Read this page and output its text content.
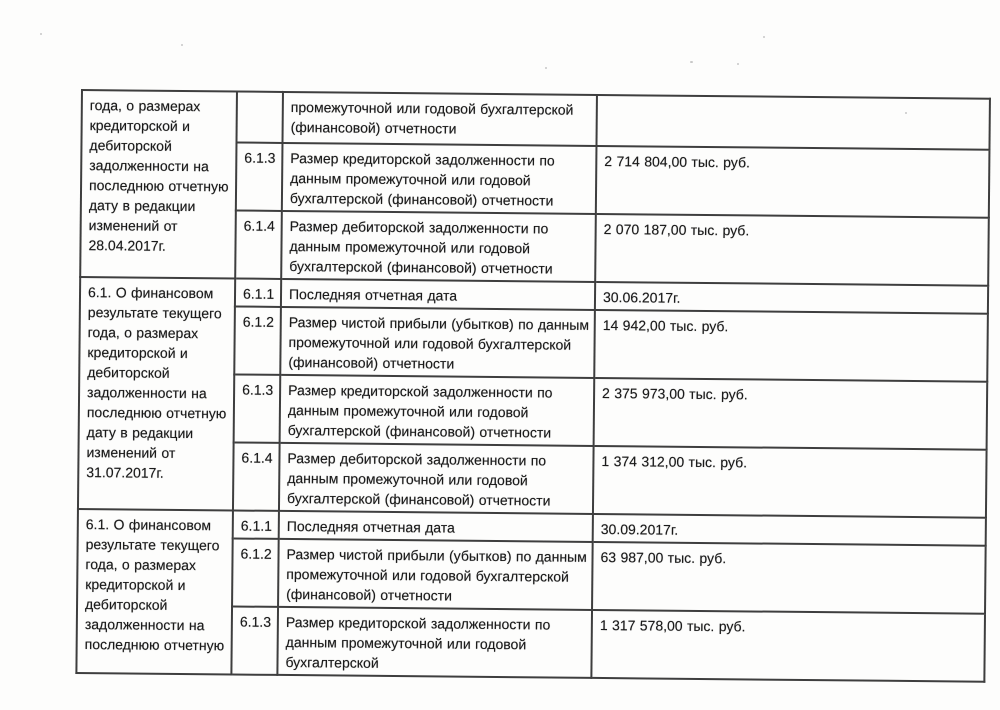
года, о размерах кредиторской и дебиторской задолженности на последнюю отчетную дату в редакции изменений от 28.04.2017г.		промежуточной или годовой бухгалтерской (финансовой) отчетности	
	6.1.3	Размер кредиторской задолженности по данным промежуточной или годовой бухгалтерской (финансовой) отчетности	2 714 804,00 тыс. руб.
	6.1.4	Размер дебиторской задолженности по данным промежуточной или годовой бухгалтерской (финансовой) отчетности	2 070 187,00 тыс. руб.
6.1. О финансовом результате текущего года, о размерах кредиторской и дебиторской задолженности на последнюю отчетную дату в редакции изменений от 31.07.2017г.	6.1.1	Последняя отчетная дата	30.06.2017г.
	6.1.2	Размер чистой прибыли (убытков) по данным промежуточной или годовой бухгалтерской (финансовой) отчетности	14 942,00 тыс. руб.
	6.1.3	Размер кредиторской задолженности по данным промежуточной или годовой бухгалтерской (финансовой) отчетности	2 375 973,00 тыс. руб.
	6.1.4	Размер дебиторской задолженности по данным промежуточной или годовой бухгалтерской (финансовой) отчетности	1 374 312,00 тыс. руб.
6.1. О финансовом результате текущего года, о размерах кредиторской и дебиторской задолженности на последнюю отчетную	6.1.1	Последняя отчетная дата	30.09.2017г.
	6.1.2	Размер чистой прибыли (убытков) по данным промежуточной или годовой бухгалтерской (финансовой) отчетности	63 987,00 тыс. руб.
	6.1.3	Размер кредиторской задолженности по данным промежуточной или годовой бухгалтерской	1 317 578,00 тыс. руб.
